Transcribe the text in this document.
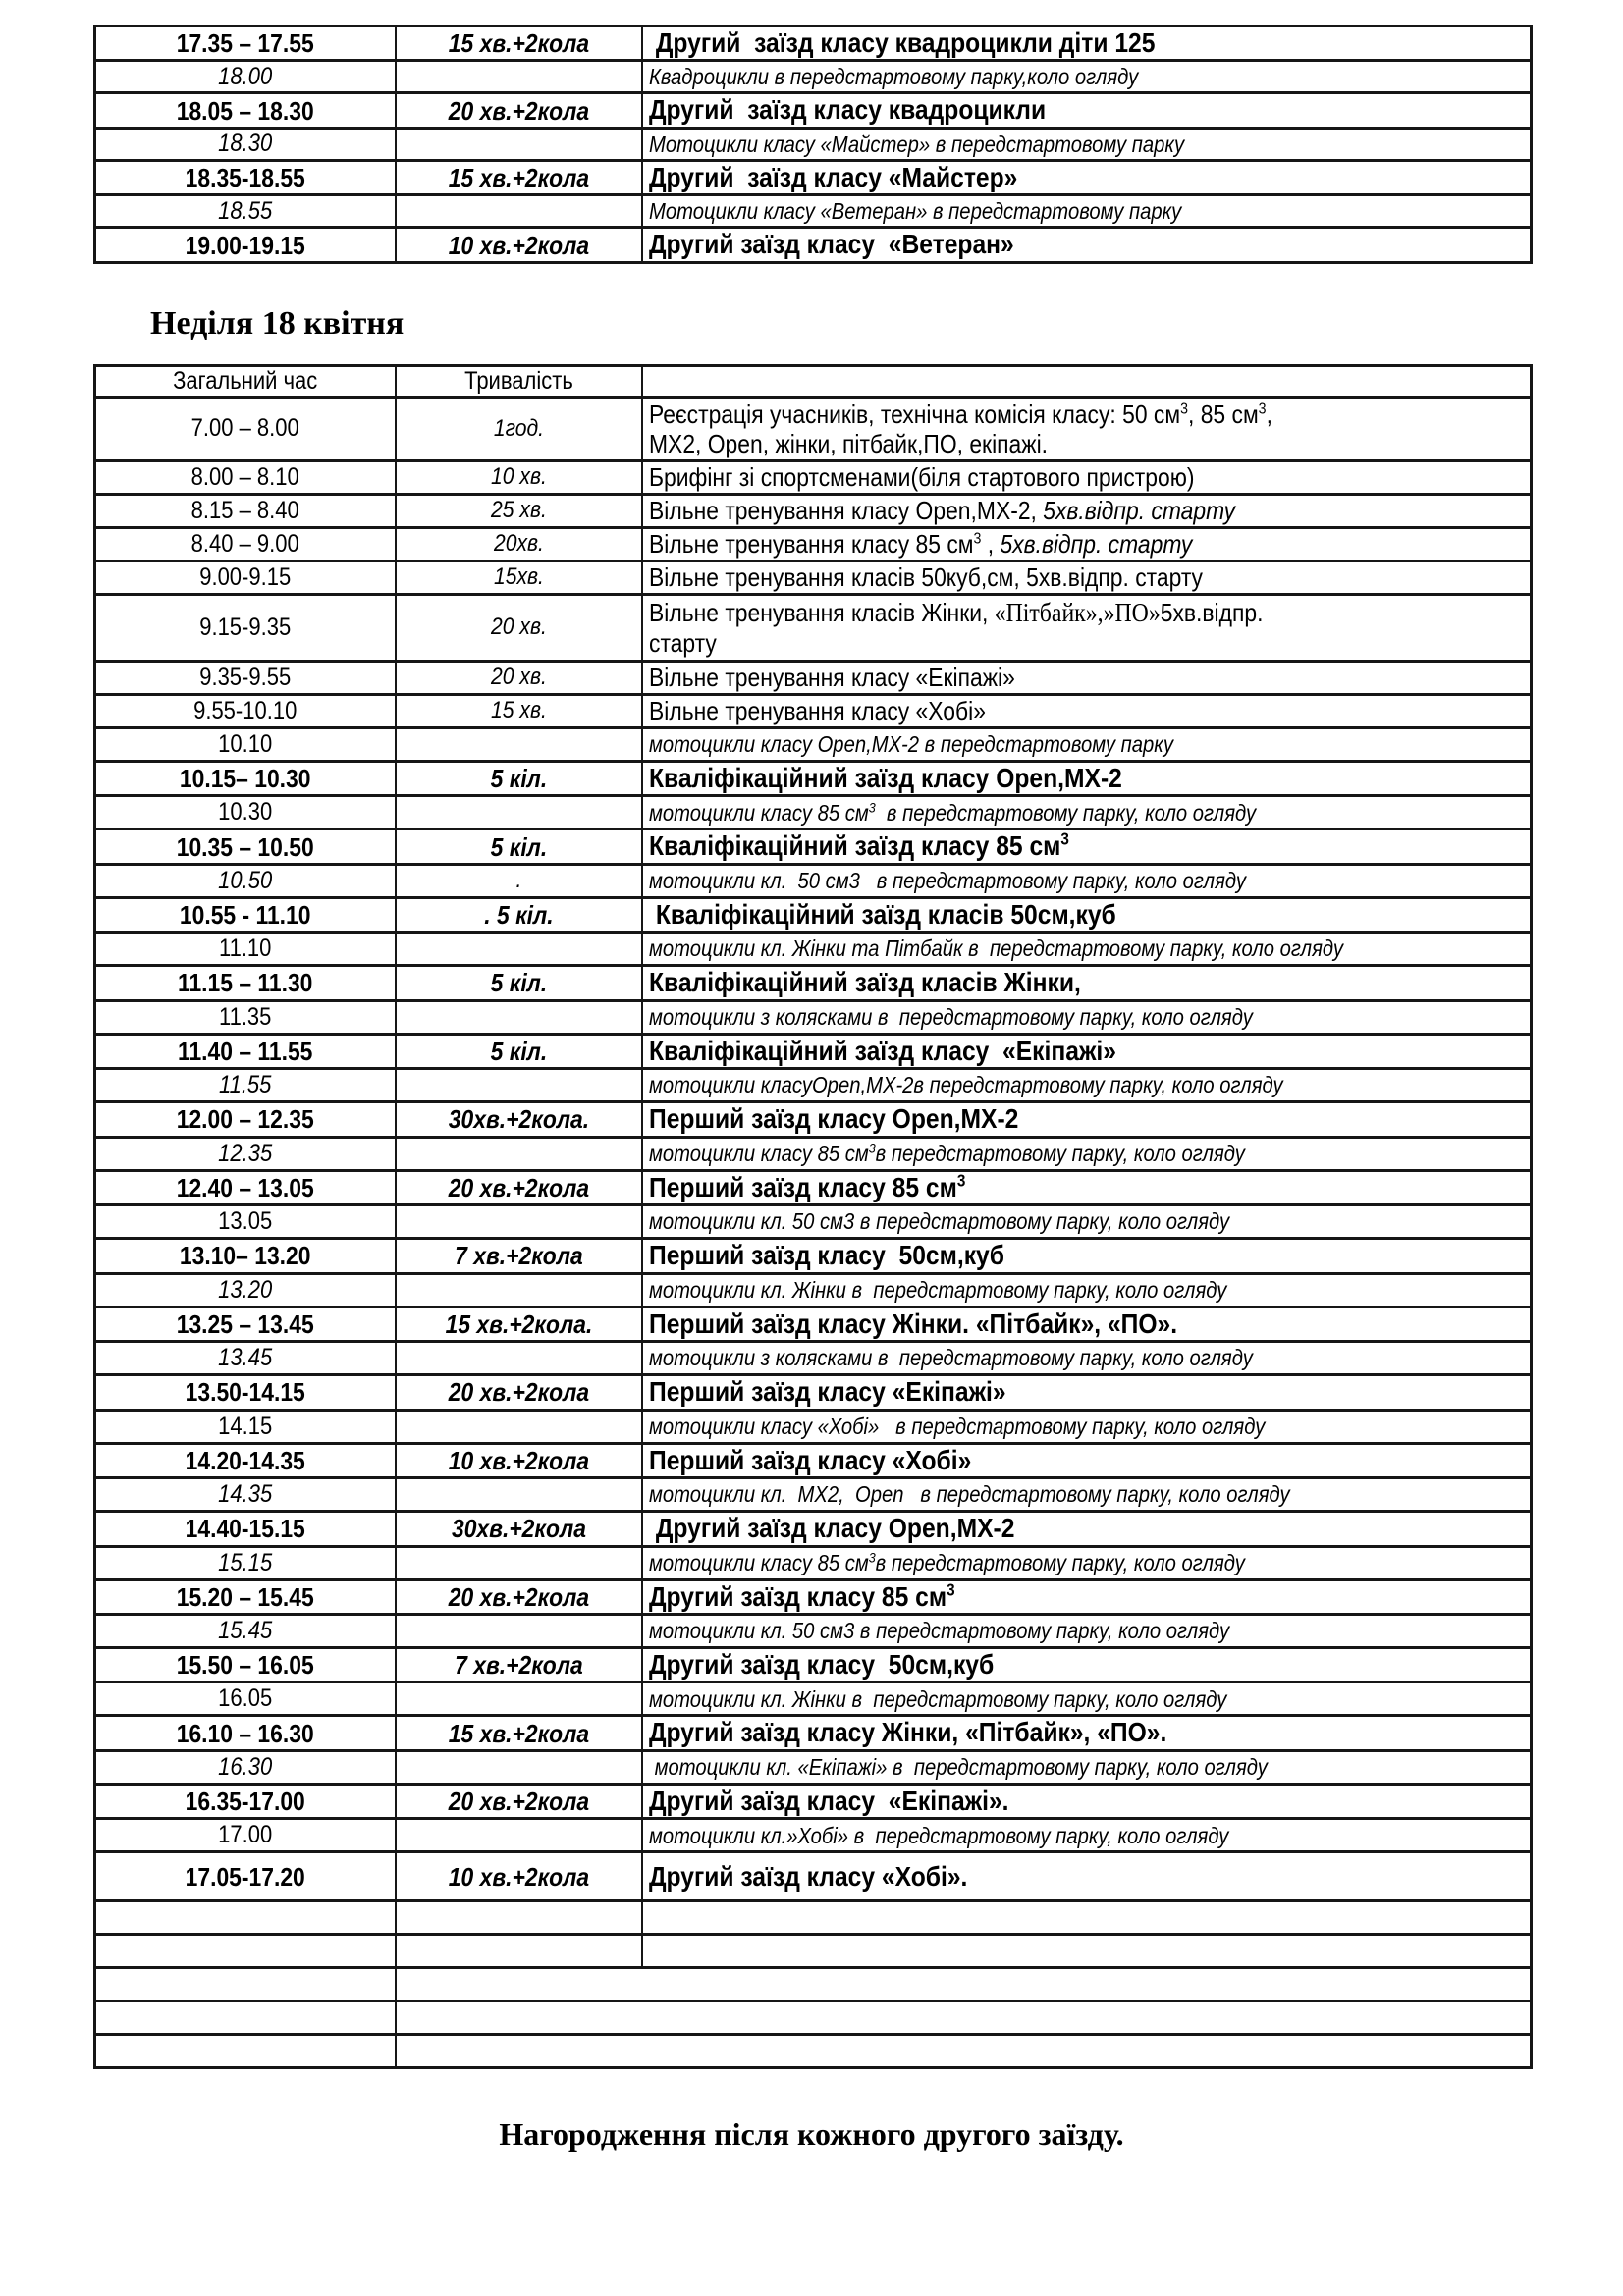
17.35 – 17.55	15 хв.+2кола	Другий  заїзд класу квадроцикли діти 125

18.00		Квадроцикли в передстартовому парку,коло огляду

18.05 – 18.30	20 хв.+2кола	Другий  заїзд класу квадроцикли

18.30		Мотоцикли класу «Майстер» в передстартовому парку

18.35-18.55	15 хв.+2кола	Другий  заїзд класу «Майстер»

18.55		Мотоцикли класу «Ветеран» в передстартовому парку

19.00-19.15	10 хв.+2кола	Другий заїзд класу  «Ветеран»
Неділя 18 квітня
Загальний час	Тривалість	

7.00 – 8.00	1год.	Реєстрація учасників, технічна комісія класу: 50 $см^3$, 85 $см^3$,
МХ2, Open, жінки, пітбайк,ПО, екіпажі.

8.00 – 8.10	10 хв.	Брифінг зі спортсменами(біля стартового пристрою)

8.15 – 8.40	25 хв.	Вільне тренування класу Open,МХ-2, 5хв.відпр. старту

8.40 – 9.00	20хв.	Вільне тренування класу 85 $см^3$ , 5хв.відпр. старту

9.00-9.15	15хв.	Вільне тренування класів 50куб,см, 5хв.відпр. старту

9.15-9.35	20 хв.	Вільне тренування класів Жінки, «Пітбайк»,»ПО»5хв.відпр.
старту

9.35-9.55	20 хв.	Вільне тренування класу «Екіпажі»

9.55-10.10	15 хв.	Вільне тренування класу «Хобі»

10.10		мотоцикли класу Open,МХ-2 в передстартовому парку

10.15– 10.30	5 кіл.	Кваліфікаційний заїзд класу Open,МХ-2

10.30		мотоцикли класу 85 $см^3$  в передстартовому парку, коло огляду

10.35 – 10.50	5 кіл.	Кваліфікаційний заїзд класу 85 $см^3$

10.50	.	мотоцикли кл.  50 см3   в передстартовому парку, коло огляду

10.55 - 11.10	. 5 кіл.	Кваліфікаційний заїзд класів 50см,куб

11.10		мотоцикли кл. Жінки та Пітбайк в  передстартовому парку, коло огляду

11.15 – 11.30	5 кіл.	Кваліфікаційний заїзд класів Жінки,

11.35		мотоцикли з колясками в  передстартовому парку, коло огляду

11.40 – 11.55	5 кіл.	Кваліфікаційний заїзд класу  «Екіпажі»

11.55		мотоцикли класуOpen,МХ-2в передстартовому парку, коло огляду

12.00 – 12.35	30хв.+2кола.	Перший заїзд класу Open,МХ-2

12.35		мотоцикли класу 85 $см^3в$ передстартовому парку, коло огляду

12.40 – 13.05	20 хв.+2кола	Перший заїзд класу 85 $см^3$

13.05		мотоцикли кл. 50 см3 в передстартовому парку, коло огляду

13.10– 13.20	7 хв.+2кола	Перший заїзд класу  50см,куб

13.20		мотоцикли кл. Жінки в  передстартовому парку, коло огляду

13.25 – 13.45	15 хв.+2кола.	Перший заїзд класу Жінки. «Пітбайк», «ПО».

13.45		мотоцикли з колясками в  передстартовому парку, коло огляду

13.50-14.15	20 хв.+2кола	Перший заїзд класу «Екіпажі»

14.15		мотоцикли класу «Хобі»   в передстартовому парку, коло огляду

14.20-14.35	10 хв.+2кола	Перший заїзд класу «Хобі»

14.35		мотоцикли кл.  МХ2,  Open   в передстартовому парку, коло огляду

14.40-15.15	30хв.+2кола	Другий заїзд класу Open,МХ-2

15.15		мотоцикли класу 85 $см^3в$ передстартовому парку, коло огляду

15.20 – 15.45	20 хв.+2кола	Другий заїзд класу 85 $см^3$

15.45		мотоцикли кл. 50 см3 в передстартовому парку, коло огляду

15.50 – 16.05	7 хв.+2кола	Другий заїзд класу  50см,куб

16.05		мотоцикли кл. Жінки в  передстартовому парку, коло огляду

16.10 – 16.30	15 хв.+2кола	Другий заїзд класу Жінки, «Пітбайк», «ПО».

16.30		мотоцикли кл. «Екіпажі» в  передстартовому парку, коло огляду

16.35-17.00	20 хв.+2кола	Другий заїзд класу  «Екіпажі».

17.00		мотоцикли кл.»Хобі» в  передстартовому парку, коло огляду

17.05-17.20	10 хв.+2кола	Другий заїзд класу «Хобі».

Нагородження після кожного другого заїзду.
